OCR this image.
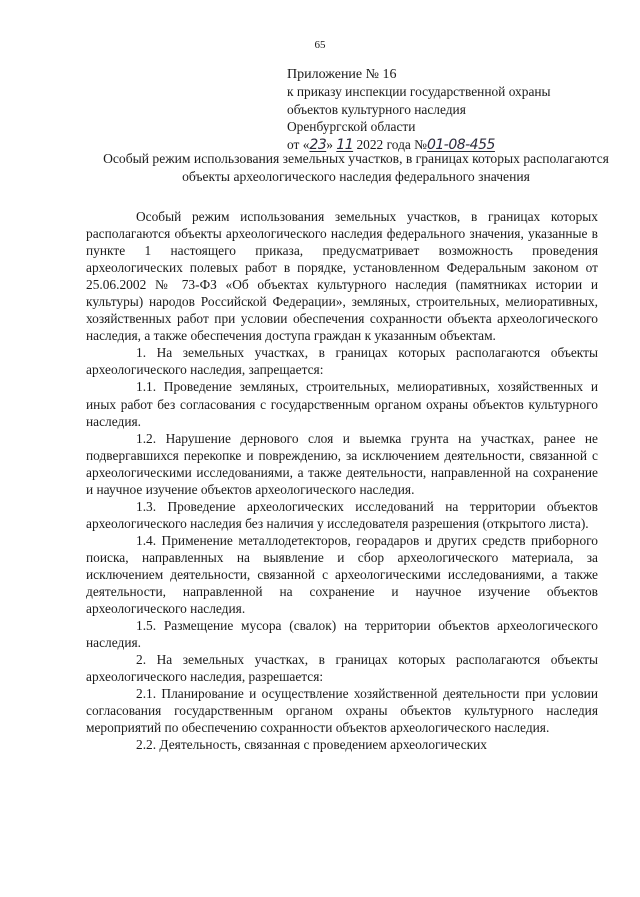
65
Приложение № 16
к приказу инспекции государственной охраны
объектов культурного наследия
Оренбургской области
от «23» 11 2022 года №01-08-455
Особый режим использования земельных участков, в границах которых располагаются объекты археологического наследия федерального значения

Особый режим использования земельных участков, в границах которых располагаются объекты археологического наследия федерального значения, указанные в пункте 1 настоящего приказа, предусматривает возможность проведения археологических полевых работ в порядке, установленном Федеральным законом от 25.06.2002 № 73-ФЗ «Об объектах культурного наследия (памятниках истории и культуры) народов Российской Федерации», земляных, строительных, мелиоративных, хозяйственных работ при условии обеспечения сохранности объекта археологического наследия, а также обеспечения доступа граждан к указанным объектам.

1. На земельных участках, в границах которых располагаются объекты археологического наследия, запрещается:

1.1. Проведение земляных, строительных, мелиоративных, хозяйственных и иных работ без согласования с государственным органом охраны объектов культурного наследия.

1.2. Нарушение дернового слоя и выемка грунта на участках, ранее не подвергавшихся перекопке и повреждению, за исключением деятельности, связанной с археологическими исследованиями, а также деятельности, направленной на сохранение и научное изучение объектов археологического наследия.

1.3. Проведение археологических исследований на территории объектов археологического наследия без наличия у исследователя разрешения (открытого листа).

1.4. Применение металлодетекторов, георадаров и других средств приборного поиска, направленных на выявление и сбор археологического материала, за исключением деятельности, связанной с археологическими исследованиями, а также деятельности, направленной на сохранение и научное изучение объектов археологического наследия.

1.5. Размещение мусора (свалок) на территории объектов археологического наследия.

2. На земельных участках, в границах которых располагаются объекты археологического наследия, разрешается:

2.1. Планирование и осуществление хозяйственной деятельности при условии согласования государственным органом охраны объектов культурного наследия мероприятий по обеспечению сохранности объектов археологического наследия.

2.2. Деятельность, связанная с проведением археологических
